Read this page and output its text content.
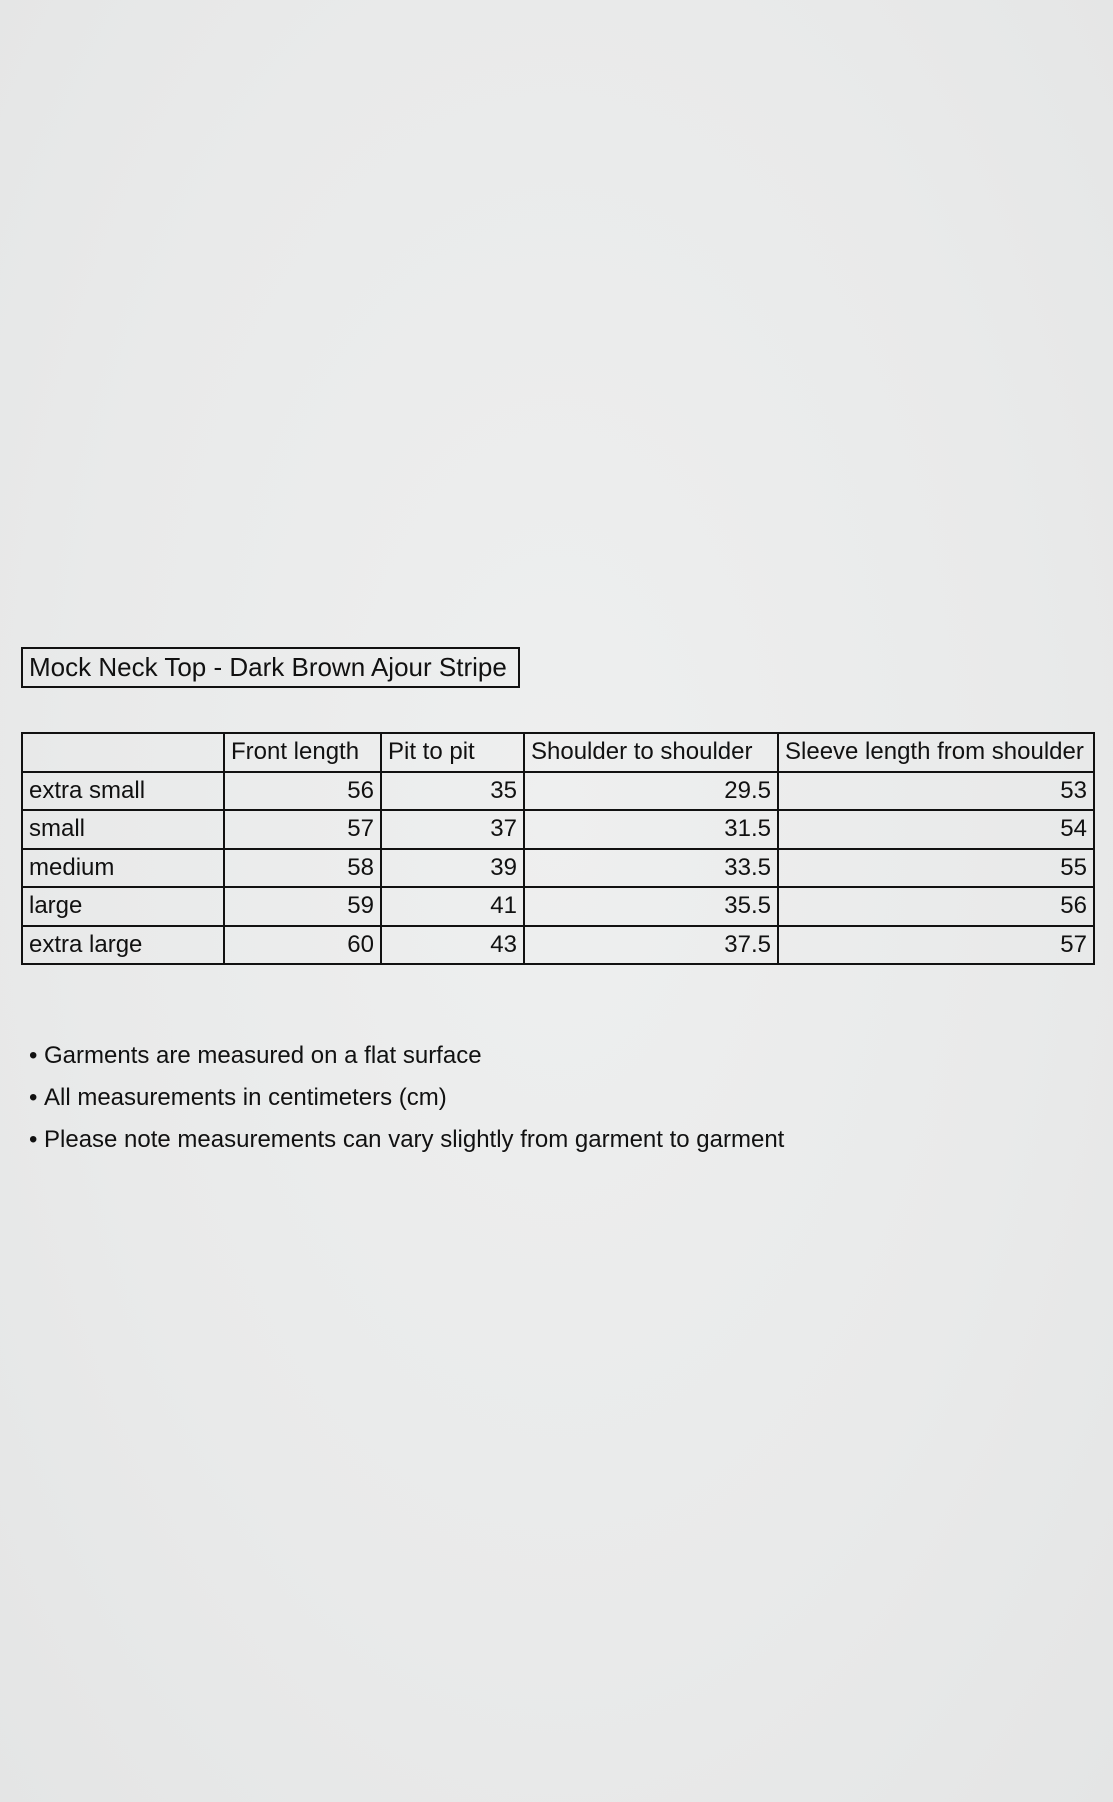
Mock Neck Top - Dark Brown Ajour Stripe
	Front length	Pit to pit	Shoulder to shoulder	Sleeve length from shoulder
extra small	56	35	29.5	53
small	57	37	31.5	54
medium	58	39	33.5	55
large	59	41	35.5	56
extra large	60	43	37.5	57
• Garments are measured on a flat surface
• All measurements in centimeters (cm)
• Please note measurements can vary slightly from garment to garment
